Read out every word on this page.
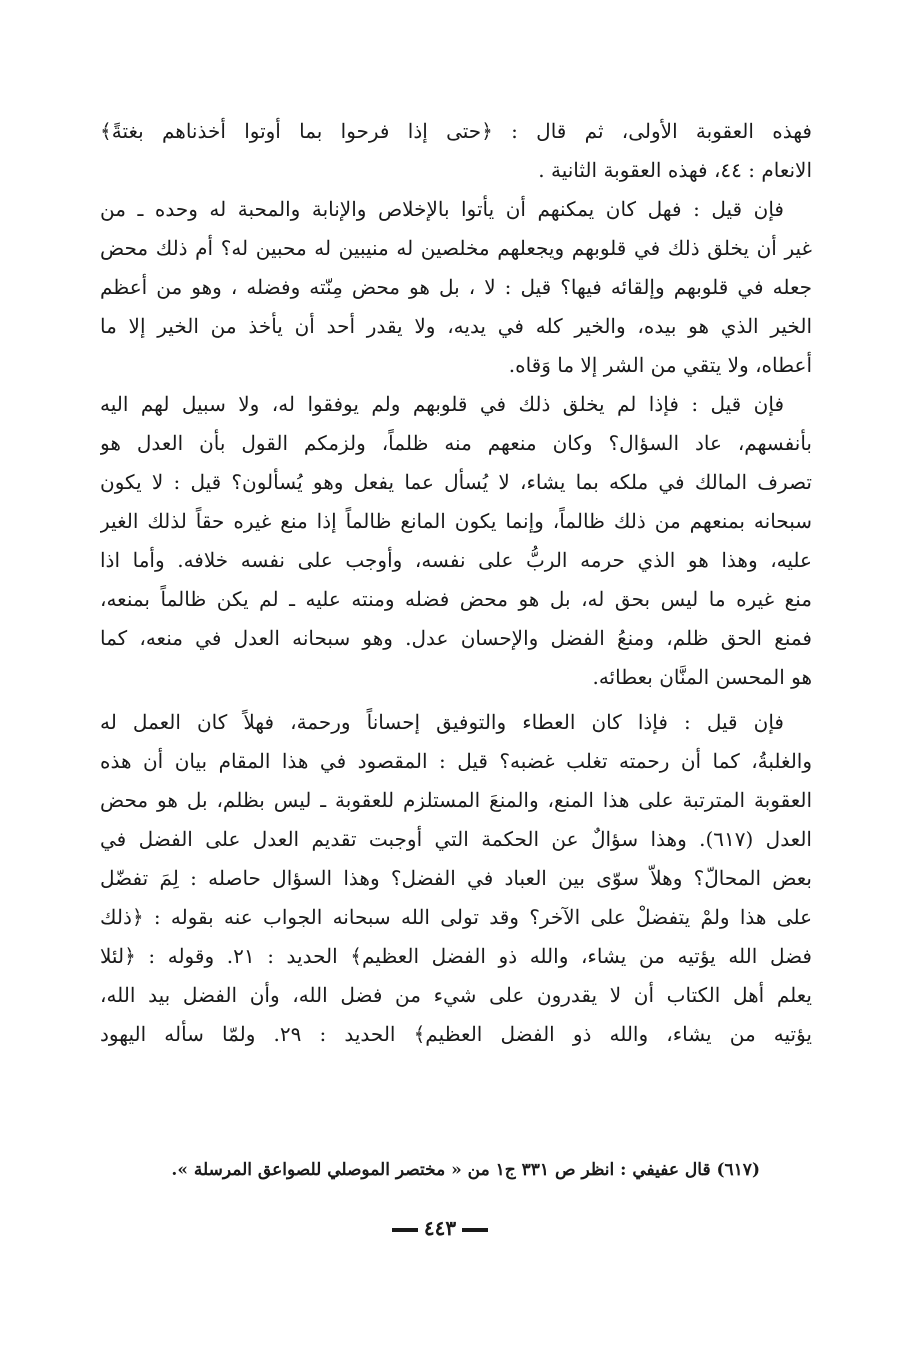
فهذه العقوبة الأولى، ثم قال : ﴿حتى إذا فرحوا بما أوتوا أخذناهم بغتةً﴾
الانعام : ٤٤، فهذه العقوبة الثانية .
فإن قيل : فهل كان يمكنهم أن يأتوا بالإخلاص والإنابة والمحبة له وحده ـ من
غير أن يخلق ذلك في قلوبهم ويجعلهم مخلصين له منيبين له محبين له؟ أم ذلك محض
جعله في قلوبهم وإلقائه فيها؟ قيل : لا ، بل هو محض مِنّته وفضله ، وهو من أعظم
الخير الذي هو بيده، والخير كله في يديه، ولا يقدر أحد أن يأخذ من الخير إلا ما
أعطاه، ولا يتقي من الشر إلا ما وَقاه.
فإن قيل : فإذا لم يخلق ذلك في قلوبهم ولم يوفقوا له، ولا سبيل لهم اليه
بأنفسهم، عاد السؤال؟ وكان منعهم منه ظلماً، ولزمكم القول بأن العدل هو
تصرف المالك في ملكه بما يشاء، لا يُسأل عما يفعل وهو يُسألون؟ قيل : لا يكون
سبحانه بمنعهم من ذلك ظالماً، وإنما يكون المانع ظالماً إذا منع غيره حقاً لذلك الغير
عليه، وهذا هو الذي حرمه الربُّ على نفسه، وأوجب على نفسه خلافه. وأما اذا
منع غيره ما ليس بحق له، بل هو محض فضله ومنته عليه ـ لم يكن ظالماً بمنعه،
فمنع الحق ظلم، ومنعُ الفضل والإحسان عدل. وهو سبحانه العدل في منعه، كما
هو المحسن المنَّان بعطائه.
فإن قيل : فإذا كان العطاء والتوفيق إحساناً ورحمة، فهلاً كان العمل له
والغلبةُ، كما أن رحمته تغلب غضبه؟ قيل : المقصود في هذا المقام بيان أن هذه
العقوبة المترتبة على هذا المنع، والمنعَ المستلزم للعقوبة ـ ليس بظلم، بل هو محض
العدل (٦١٧). وهذا سؤالٌ عن الحكمة التي أوجبت تقديم العدل على الفضل في
بعض المحالّ؟ وهلاّ سوّى بين العباد في الفضل؟ وهذا السؤال حاصله : لِمَ تفضّل
على هذا ولمْ يتفضلْ على الآخر؟ وقد تولى الله سبحانه الجواب عنه بقوله : ﴿ذلك
فضل الله يؤتيه من يشاء، والله ذو الفضل العظيم﴾ الحديد : ٢١. وقوله : ﴿لئلا
يعلم أهل الكتاب أن لا يقدرون على شيء من فضل الله، وأن الفضل بيد الله،
يؤتيه من يشاء، والله ذو الفضل العظيم﴾ الحديد : ٢٩. ولمّا سأله اليهود
(٦١٧) قال عفيفي : انظر ص ٣٣١ ج١ من « مختصر الموصلي للصواعق المرسلة ».
٤٤٣
